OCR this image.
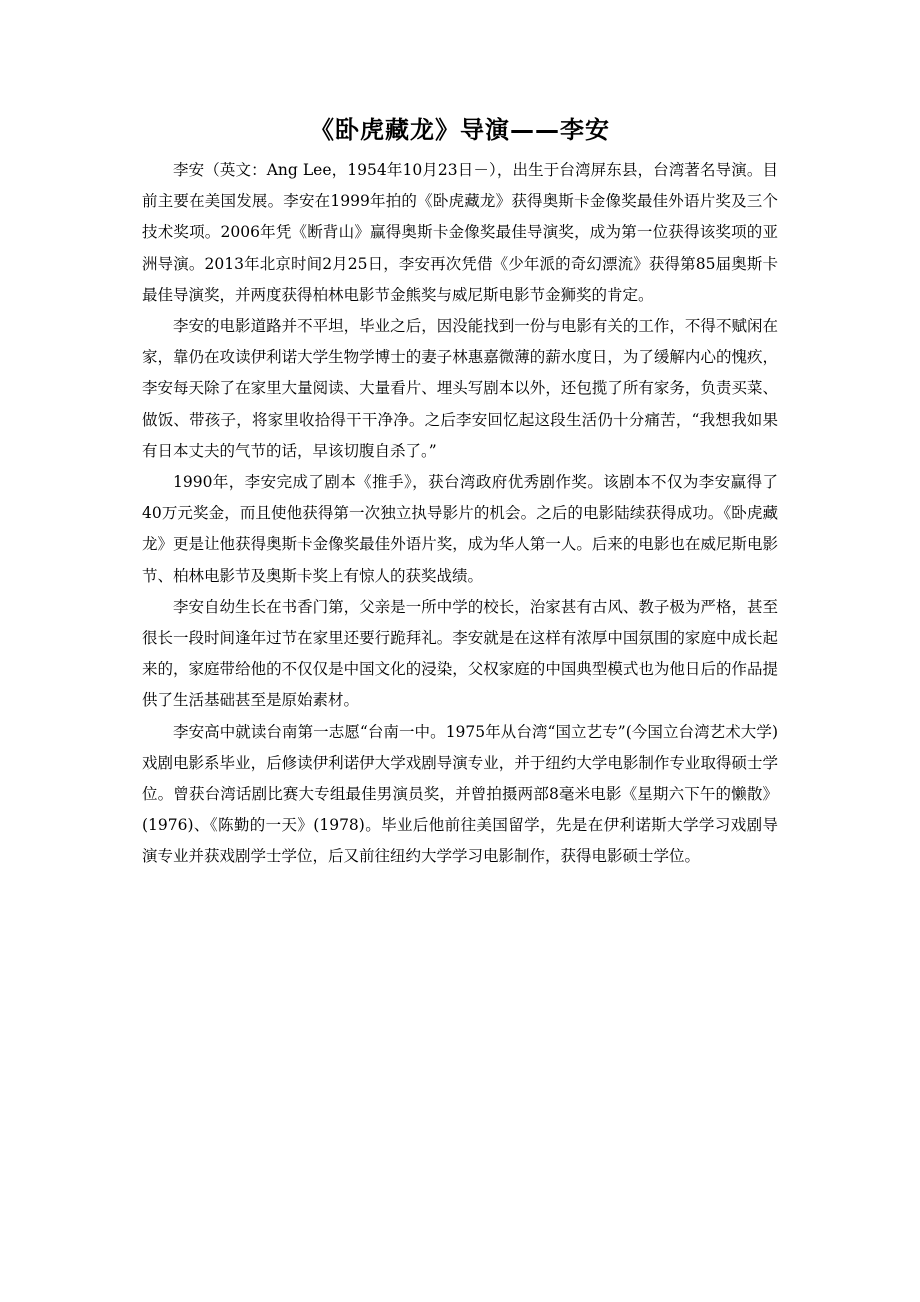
《卧虎藏龙》导演——李安

李安（英文：Ang Lee，1954年10月23日－），出生于台湾屏东县，台湾著名导演。目前主要在美国发展。李安在1999年拍的《卧虎藏龙》获得奥斯卡金像奖最佳外语片奖及三个技术奖项。2006年凭《断背山》赢得奥斯卡金像奖最佳导演奖，成为第一位获得该奖项的亚洲导演。2013年北京时间2月25日，李安再次凭借《少年派的奇幻漂流》获得第85届奥斯卡最佳导演奖，并两度获得柏林电影节金熊奖与威尼斯电影节金狮奖的肯定。

李安的电影道路并不平坦，毕业之后，因没能找到一份与电影有关的工作，不得不赋闲在家，靠仍在攻读伊利诺大学生物学博士的妻子林惠嘉微薄的薪水度日，为了缓解内心的愧疚，李安每天除了在家里大量阅读、大量看片、埋头写剧本以外，还包揽了所有家务，负责买菜、做饭、带孩子，将家里收拾得干干净净。之后李安回忆起这段生活仍十分痛苦，“我想我如果有日本丈夫的气节的话，早该切腹自杀了。”

1990年，李安完成了剧本《推手》，获台湾政府优秀剧作奖。该剧本不仅为李安赢得了40万元奖金，而且使他获得第一次独立执导影片的机会。之后的电影陆续获得成功。《卧虎藏龙》更是让他获得奥斯卡金像奖最佳外语片奖，成为华人第一人。后来的电影也在威尼斯电影节、柏林电影节及奥斯卡奖上有惊人的获奖战绩。

李安自幼生长在书香门第，父亲是一所中学的校长，治家甚有古风、教子极为严格，甚至很长一段时间逢年过节在家里还要行跪拜礼。李安就是在这样有浓厚中国氛围的家庭中成长起来的，家庭带给他的不仅仅是中国文化的浸染，父权家庭的中国典型模式也为他日后的作品提供了生活基础甚至是原始素材。

李安高中就读台南第一志愿“台南一中。1975年从台湾“国立艺专”(今国立台湾艺术大学)戏剧电影系毕业，后修读伊利诺伊大学戏剧导演专业，并于纽约大学电影制作专业取得硕士学位。曾获台湾话剧比赛大专组最佳男演员奖，并曾拍摄两部8毫米电影《星期六下午的懒散》(1976)、《陈勤的一天》(1978)。毕业后他前往美国留学，先是在伊利诺斯大学学习戏剧导演专业并获戏剧学士学位，后又前往纽约大学学习电影制作，获得电影硕士学位。
